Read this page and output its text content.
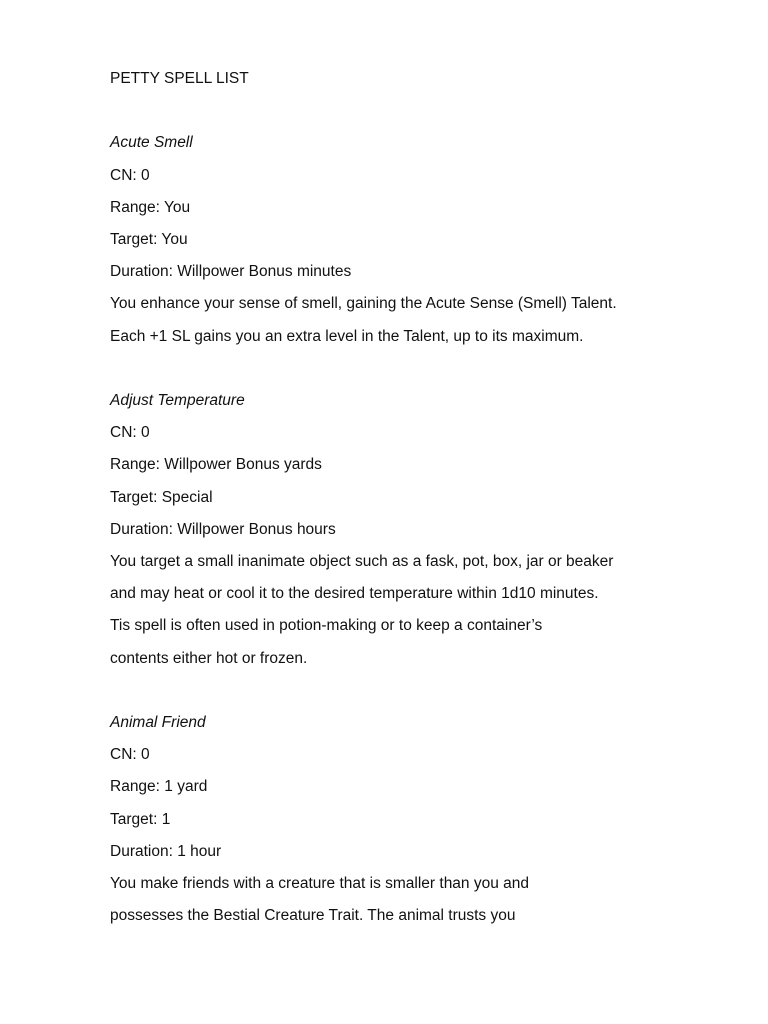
PETTY SPELL LIST

Acute Smell

CN: 0

Range: You

Target: You

Duration: Willpower Bonus minutes

You enhance your sense of smell, gaining the Acute Sense (Smell) Talent.

Each +1 SL gains you an extra level in the Talent, up to its maximum.

Adjust Temperature

CN: 0

Range: Willpower Bonus yards

Target: Special

Duration: Willpower Bonus hours

You target a small inanimate object such as a fask, pot, box, jar or beaker

and may heat or cool it to the desired temperature within 1d10 minutes.

Tis spell is often used in potion-making or to keep a container’s

contents either hot or frozen.

Animal Friend

CN: 0

Range: 1 yard

Target: 1

Duration: 1 hour

You make friends with a creature that is smaller than you and

possesses the Bestial Creature Trait. The animal trusts you
